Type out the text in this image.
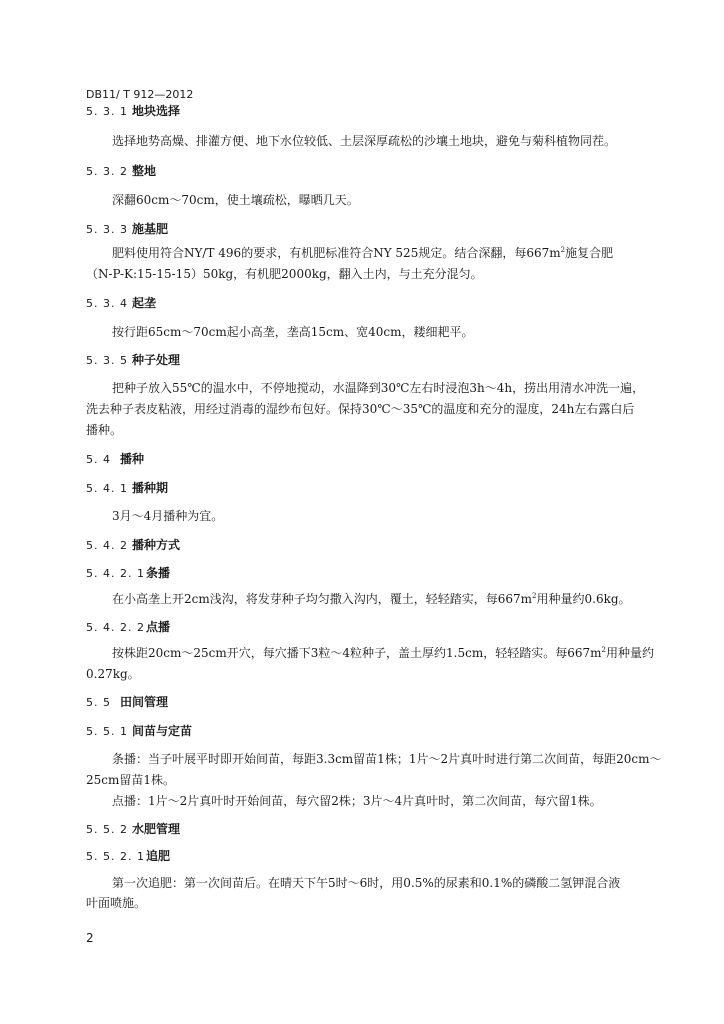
DB11/ T 912—2012
5. 3. 1 地块选择
选择地势高燥、排灌方便、地下水位较低、土层深厚疏松的沙壤土地块，避免与菊科植物同茬。
5. 3. 2 整地
深翻60cm～70cm，使土壤疏松，曝晒几天。
5. 3. 3 施基肥
肥料使用符合NY/T 496的要求，有机肥标准符合NY 525规定。结合深翻，每$667m^2$施复合肥
（N-P-K:15-15-15）50kg，有机肥2000kg，翻入土内，与土充分混匀。
5. 3. 4 起垄
按行距65cm～70cm起小高垄，垄高15cm、宽40cm，耧细耙平。
5. 3. 5 种子处理
把种子放入55℃的温水中，不停地搅动，水温降到30℃左右时浸泡3h～4h，捞出用清水冲洗一遍，
洗去种子表皮粘液，用经过消毒的湿纱布包好。保持30℃～35℃的温度和充分的湿度，24h左右露白后
播种。
5. 4 播种
5. 4. 1 播种期
3月～4月播种为宜。
5. 4. 2 播种方式
5. 4. 2. 1条播
在小高垄上开2cm浅沟，将发芽种子均匀撒入沟内，覆土，轻轻踏实，每$667m^2$用种量约0.6kg。
5. 4. 2. 2点播
按株距20cm～25cm开穴，每穴播下3粒～4粒种子，盖土厚约1.5cm，轻轻踏实。每$667m^2$用种量约
0.27kg。
5. 5 田间管理
5. 5. 1 间苗与定苗
条播：当子叶展平时即开始间苗，每距3.3cm留苗1株；1片～2片真叶时进行第二次间苗，每距20cm～
25cm留苗1株。
点播：1片～2片真叶时开始间苗，每穴留2株；3片～4片真叶时，第二次间苗，每穴留1株。
5. 5. 2 水肥管理
5. 5. 2. 1追肥
第一次追肥：第一次间苗后。在晴天下午5时～6时，用0.5%的尿素和0.1%的磷酸二氢钾混合液
叶面喷施。
2
